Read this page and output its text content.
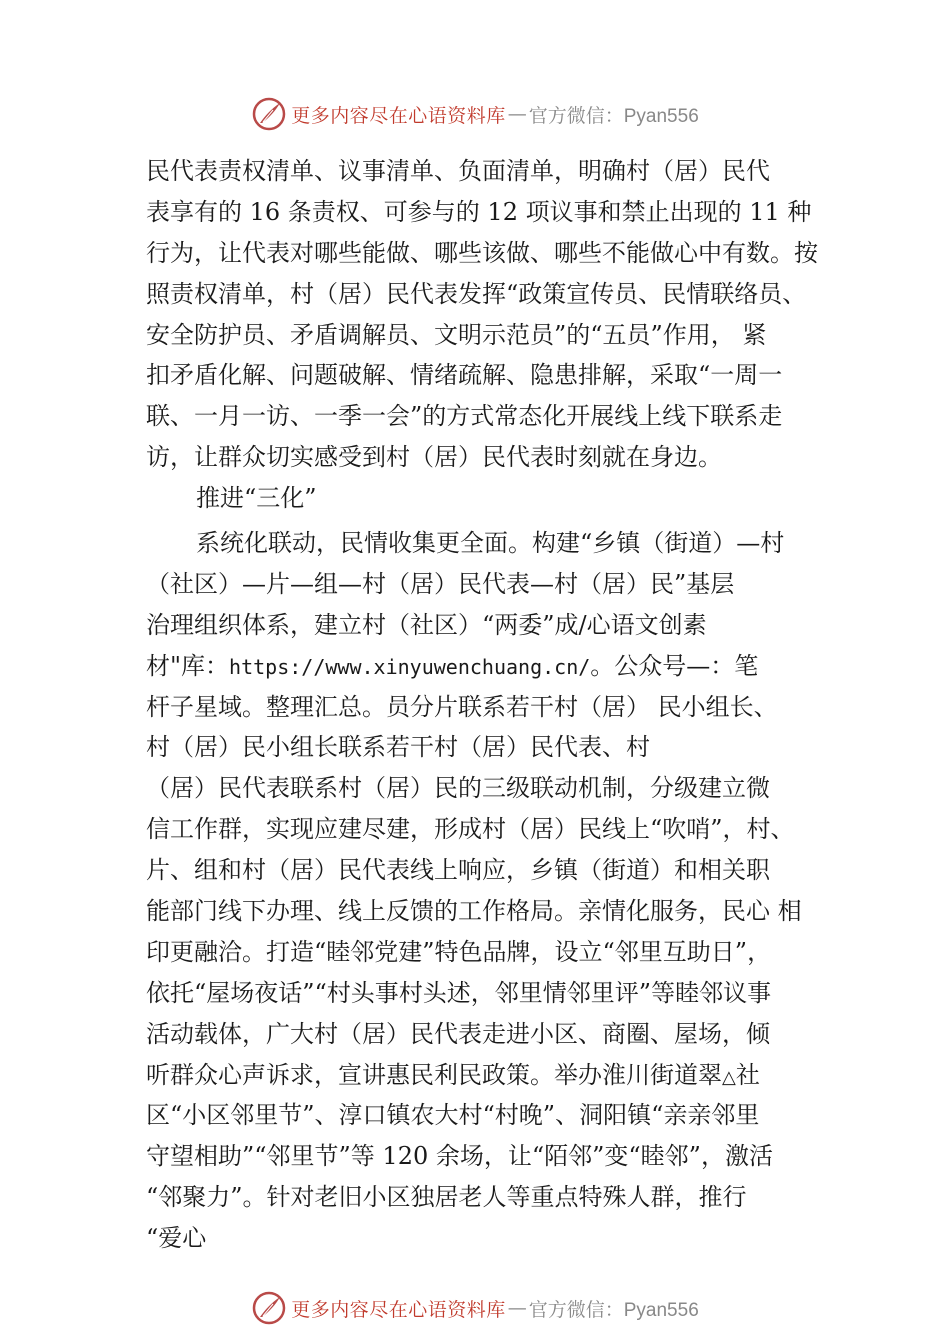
更多内容尽在心语资料库 — 官方微信：Pyan556
民代表责权清单、议事清单、负面清单，明确村（居）民代
表享有的 16 条责权、可参与的 12 项议事和禁止出现的 11 种
行为，让代表对哪些能做、哪些该做、哪些不能做心中有数。按
照责权清单，村（居）民代表发挥“政策宣传员、民情联络员、
安全防护员、矛盾调解员、文明示范员”的“五员”作用， 紧
扣矛盾化解、问题破解、情绪疏解、隐患排解，采取“一周一
联、一月一访、一季一会”的方式常态化开展线上线下联系走
访，让群众切实感受到村（居）民代表时刻就在身边。
推进“三化”
系统化联动，民情收集更全面。构建“乡镇（街道）—村
（社区）—片—组—村（居）民代表—村（居）民”基层
治理组织体系，建立村（社区）“两委”成/心语文创素
材"库：https://www.xinyuwenchuang.cn/。公众号—：笔
杆子星域。整理汇总。员分片联系若干村（居） 民小组长、
村（居）民小组长联系若干村（居）民代表、村
（居）民代表联系村（居）民的三级联动机制，分级建立微
信工作群，实现应建尽建，形成村（居）民线上“吹哨”，村、
片、组和村（居）民代表线上响应，乡镇（街道）和相关职
能部门线下办理、线上反馈的工作格局。亲情化服务，民心 相
印更融洽。打造“睦邻党建”特色品牌，设立“邻里互助日”，
依托“屋场夜话”“村头事村头述，邻里情邻里评”等睦邻议事
活动载体，广大村（居）民代表走进小区、商圈、屋场，倾
听群众心声诉求，宣讲惠民利民政策。举办淮川街道翠△社
区“小区邻里节”、淳口镇农大村“村晚”、洞阳镇“亲亲邻里
守望相助”“邻里节”等 120 余场，让“陌邻”变“睦邻”，激活
“邻聚力”。针对老旧小区独居老人等重点特殊人群，推行
“爱心
更多内容尽在心语资料库 — 官方微信：Pyan556
